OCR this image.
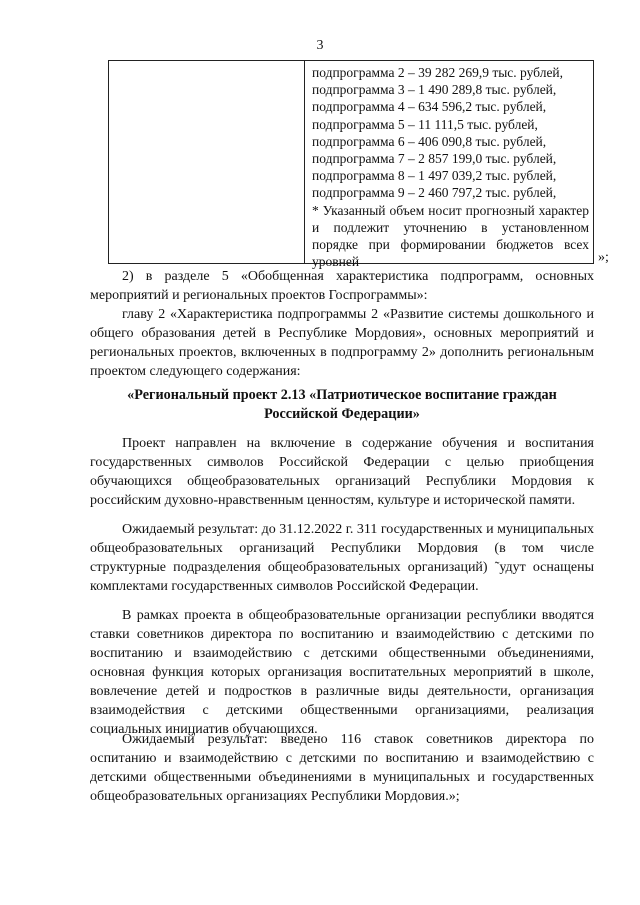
3
подпрограмма 2 – 39 282 269,9 тыс. рублей,
подпрограмма 3 – 1 490 289,8 тыс. рублей,
подпрограмма 4 – 634 596,2 тыс. рублей,
подпрограмма 5 – 11 111,5 тыс. рублей,
подпрограмма 6 – 406 090,8 тыс. рублей,
подпрограмма 7 – 2 857 199,0 тыс. рублей,
подпрограмма 8 – 1 497 039,2 тыс. рублей,
подпрограмма 9 – 2 460 797,2 тыс. рублей,
* Указанный объем носит прогнозный характер и подлежит уточнению в установленном порядке при формировании бюджетов всех уровней	»;

2) в разделе 5 «Обобщенная характеристика подпрограмм, основных мероприятий и региональных проектов Госпрограммы»:

главу 2 «Характеристика подпрограммы 2 «Развитие системы дошкольного и общего образования детей в Республике Мордовия», основных мероприятий и региональных проектов, включенных в подпрограмму 2» дополнить региональным проектом следующего содержания:

«Региональный проект 2.13 «Патриотическое воспитание граждан Российской Федерации»

Проект направлен на включение в содержание обучения и воспитания государственных символов Российской Федерации с целью приобщения обучающихся общеобразовательных организаций Республики Мордовия к российским духовно-нравственным ценностям, культуре и исторической памяти.

Ожидаемый результат: до 31.12.2022 г. 311 государственных и муниципальных общеобразовательных организаций Республики Мордовия (в том числе структурные подразделения общеобразовательных организаций) ˜удут оснащены комплектами государственных символов Российской Федерации.

В рамках проекта в общеобразовательные организации республики вводятся ставки советников директора по воспитанию и взаимодействию с детскими по воспитанию и взаимодействию с детскими общественными объединениями, основная функция которых организация воспитательных мероприятий в школе, вовлечение детей и подростков в различные виды деятельности, организация взаимодействия с детскими общественными организациями, реализация социальных инициатив обучающихся.

Ожидаемый результат: введено 116 ставок советников директора по оспитанию и взаимодействию с детскими по воспитанию и взаимодействию с детскими общественными объединениями в муниципальных и государственных общеобразовательных организациях Республики Мордовия.»;
